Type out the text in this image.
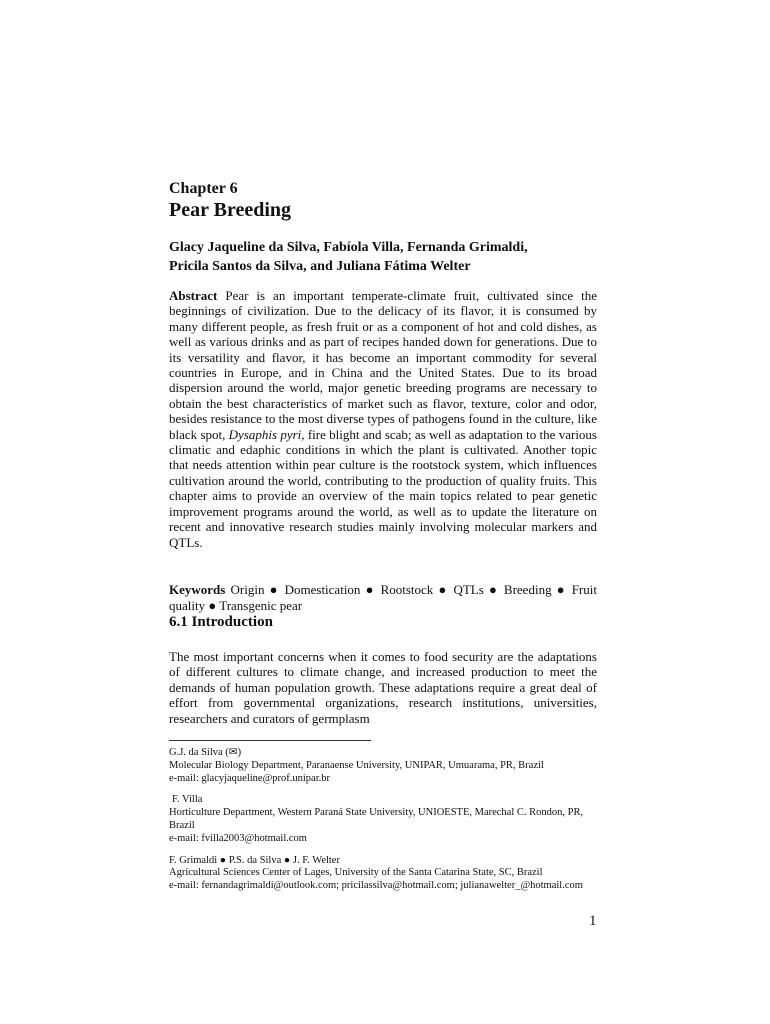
Chapter 6
Pear Breeding
Glacy Jaqueline da Silva, Fabíola Villa, Fernanda Grimaldi,
Pricila Santos da Silva, and Juliana Fátima Welter
Abstract Pear is an important temperate-climate fruit, cultivated since the beginnings of civilization. Due to the delicacy of its flavor, it is consumed by many different people, as fresh fruit or as a component of hot and cold dishes, as well as various drinks and as part of recipes handed down for generations. Due to its versatility and flavor, it has become an important commodity for several countries in Europe, and in China and the United States. Due to its broad dispersion around the world, major genetic breeding programs are necessary to obtain the best characteristics of market such as flavor, texture, color and odor, besides resistance to the most diverse types of pathogens found in the culture, like black spot, Dysaphis pyri, fire blight and scab; as well as adaptation to the various climatic and edaphic conditions in which the plant is cultivated. Another topic that needs attention within pear culture is the rootstock system, which influences cultivation around the world, contributing to the production of quality fruits. This chapter aims to provide an overview of the main topics related to pear genetic improvement programs around the world, as well as to update the literature on recent and innovative research studies mainly involving molecular markers and QTLs.
Keywords Origin ● Domestication ● Rootstock ● QTLs ● Breeding ● Fruit quality ● Transgenic pear
6.1 Introduction
The most important concerns when it comes to food security are the adaptations of different cultures to climate change, and increased production to meet the demands of human population growth. These adaptations require a great deal of effort from governmental organizations, research institutions, universities, researchers and curators of germplasm
G.J. da Silva (✉)
Molecular Biology Department, Paranaense University, UNIPAR, Umuarama, PR, Brazil
e-mail: glacyjaqueline@prof.unipar.br
F. Villa
Horticulture Department, Western Paraná State University, UNIOESTE, Marechal C. Rondon, PR, Brazil
e-mail: fvilla2003@hotmail.com
F. Grimaldi ● P.S. da Silva ● J. F. Welter
Agricultural Sciences Center of Lages, University of the Santa Catarina State, SC, Brazil
e-mail: fernandagrimaldi@outlook.com; pricilassilva@hotmail.com; julianawelter_@hotmail.com
1
